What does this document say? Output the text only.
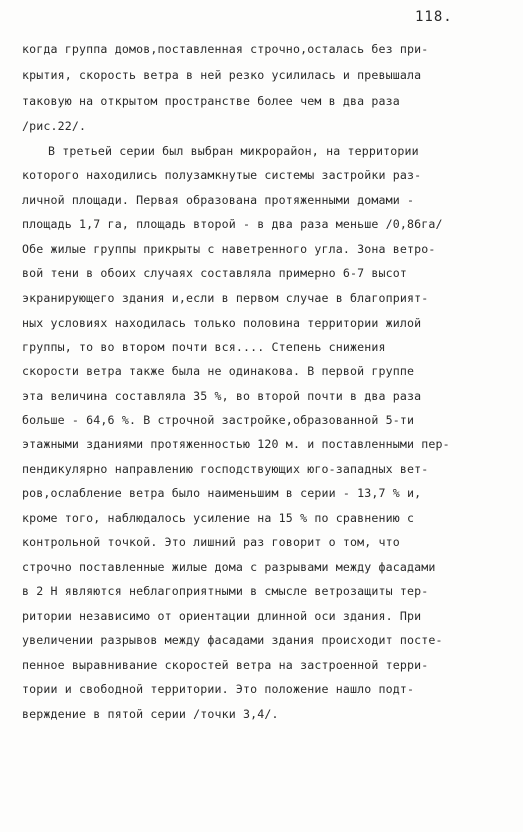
118.
когда группа домов,поставленная строчно,осталась без при-
крытия, скорость ветра в ней резко усилилась и превышала
таковую на открытом пространстве более чем в два раза
/рис.22/.
В третьей серии был выбран микрорайон, на территории
которого находились полузамкнутые системы застройки раз-
личной площади. Первая образована протяженными домами -
площадь 1,7 га, площадь второй - в два раза меньше /0,86га/
Обе жилые группы прикрыты с наветренного угла. Зона ветро-
вой тени в обоих случаях составляла примерно 6-7 высот
экранирующего здания и,если в первом случае в благоприят-
ных условиях находилась только половина территории жилой
группы, то во втором почти вся.... Степень снижения
скорости ветра также была не одинакова. В первой группе
эта величина составляла 35 %, во второй почти в два раза
больше - 64,6 %. В строчной застройке,образованной 5-ти
этажными зданиями протяженностью 120 м. и поставленными пер-
пендикулярно направлению господствующих юго-западных вет-
ров,ослабление ветра было наименьшим в серии - 13,7 % и,
кроме того, наблюдалось усиление на 15 % по сравнению с
контрольной точкой. Это лишний раз говорит о том, что
строчно поставленные жилые дома с разрывами между фасадами
в 2 Н являются неблагоприятными в смысле ветрозащиты тер-
ритории независимо от ориентации длинной оси здания. При
увеличении разрывов между фасадами здания происходит посте-
пенное выравнивание скоростей ветра на застроенной терри-
тории и свободной территории. Это положение нашло подт-
верждение в пятой серии /точки 3,4/.
